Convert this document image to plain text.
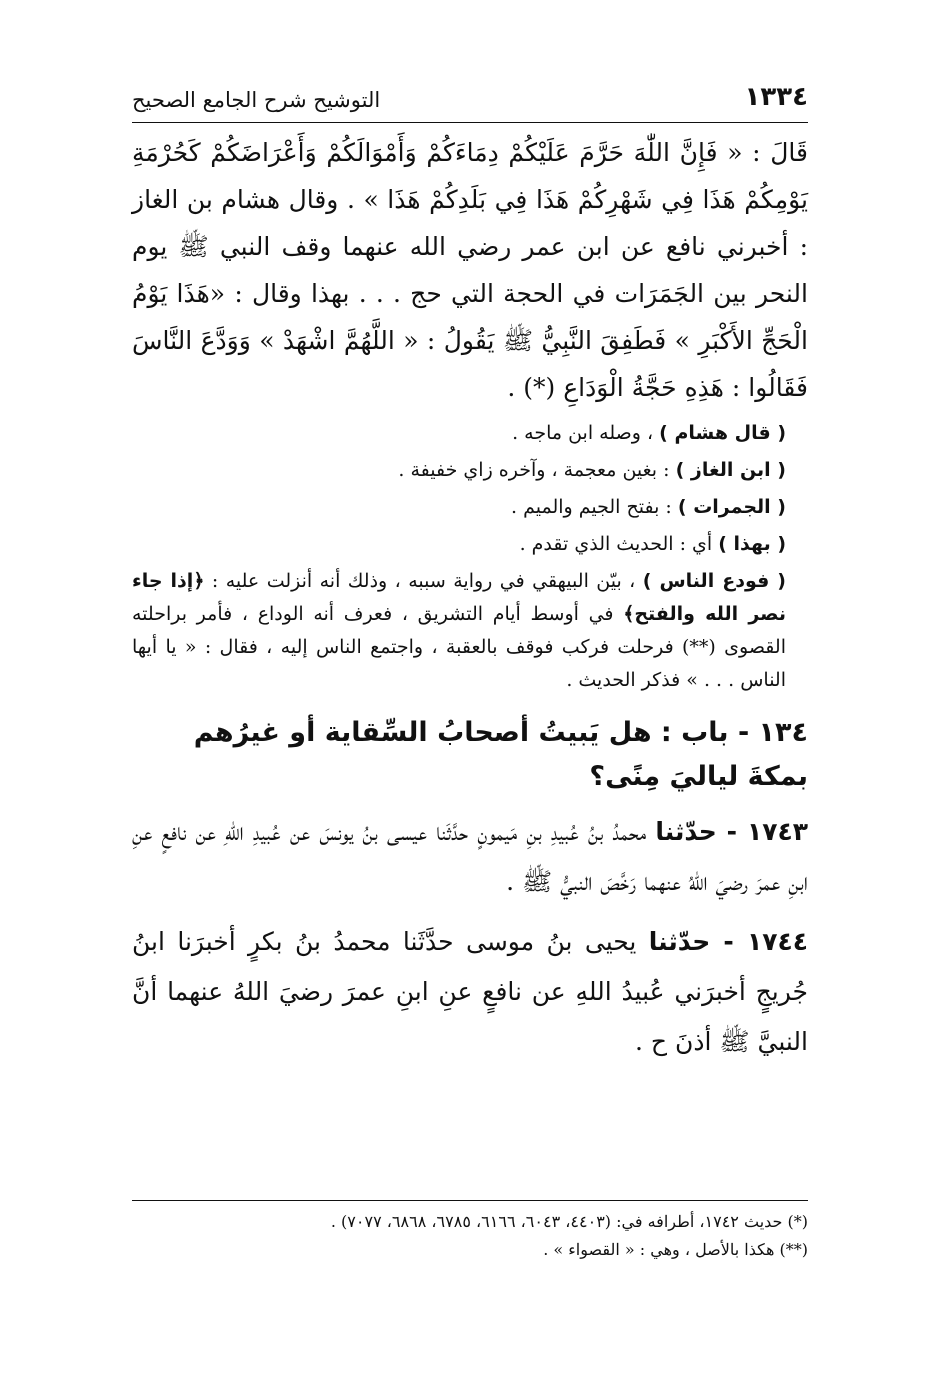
١٣٣٤
التوشيح شرح الجامع الصحيح

قَالَ : « فَإِنَّ اللّٰهَ حَرَّمَ عَلَيْكُمْ دِمَاءَكُمْ وَأَمْوَالَكُمْ وَأَعْرَاضَكُمْ كَحُرْمَةِ يَوْمِكُمْ هَذَا فِي شَهْرِكُمْ هَذَا فِي بَلَدِكُمْ هَذَا » . وقال هشام بن الغاز : أخبرني نافع عن ابن عمر رضي الله عنهما وقف النبي ﷺ يوم النحر بين الجَمَرَات في الحجة التي حج . . . بهذا وقال : «هَذَا يَوْمُ الْحَجِّ الأَكْبَرِ » فَطَفِقَ النَّبِيُّ ﷺ يَقُولُ : « اللَّهُمَّ اشْهَدْ » وَوَدَّعَ النَّاسَ فَقَالُوا : هَذِهِ حَجَّةُ الْوَدَاعِ (*) .

( قال هشام ) ، وصله ابن ماجه .

( ابن الغاز ) : بغين معجمة ، وآخره زاي خفيفة .

( الجمرات ) : بفتح الجيم والميم .

( بهذا ) أي : الحديث الذي تقدم .

( فودع الناس ) ، بيّن البيهقي في رواية سببه ، وذلك أنه أنزلت عليه : ﴿إذا جاء نصر الله والفتح﴾ في أوسط أيام التشريق ، فعرف أنه الوداع ، فأمر براحلته القصوى (**) فرحلت فركب فوقف بالعقبة ، واجتمع الناس إليه ، فقال : « يا أيها الناس . . . » فذكر الحديث .

١٣٤ - باب : هل يَبيتُ أصحابُ السِّقاية أو غيرُهم بمكةَ لياليَ مِنًى؟

١٧٤٣ - حدّثنا محمدُ بنُ عُبيدِ بنِ مَيمونٍ حدَّثَنا عيسى بنُ يونسَ عن عُبيدِ اللهِ عن نافعٍ عنِ ابنِ عمرَ رضيَ اللهُ عنهما رَخَّصَ النبيُّ ﷺ .

١٧٤٤ - حدّثنا يحيى بنُ موسى حدَّثَنا محمدُ بنُ بكرٍ أخبرَنا ابنُ جُريجٍ أخبرَني عُبيدُ اللهِ عن نافعٍ عنِ ابنِ عمرَ رضيَ اللهُ عنهما أنَّ النبيَّ ﷺ أذنَ ح .

(*) حديث ١٧٤٢، أطرافه في: (٤٤٠٣، ٦٠٤٣، ٦١٦٦، ٦٧٨٥، ٦٨٦٨، ٧٠٧٧) .

(**) هكذا بالأصل ، وهي : « القصواء » .
